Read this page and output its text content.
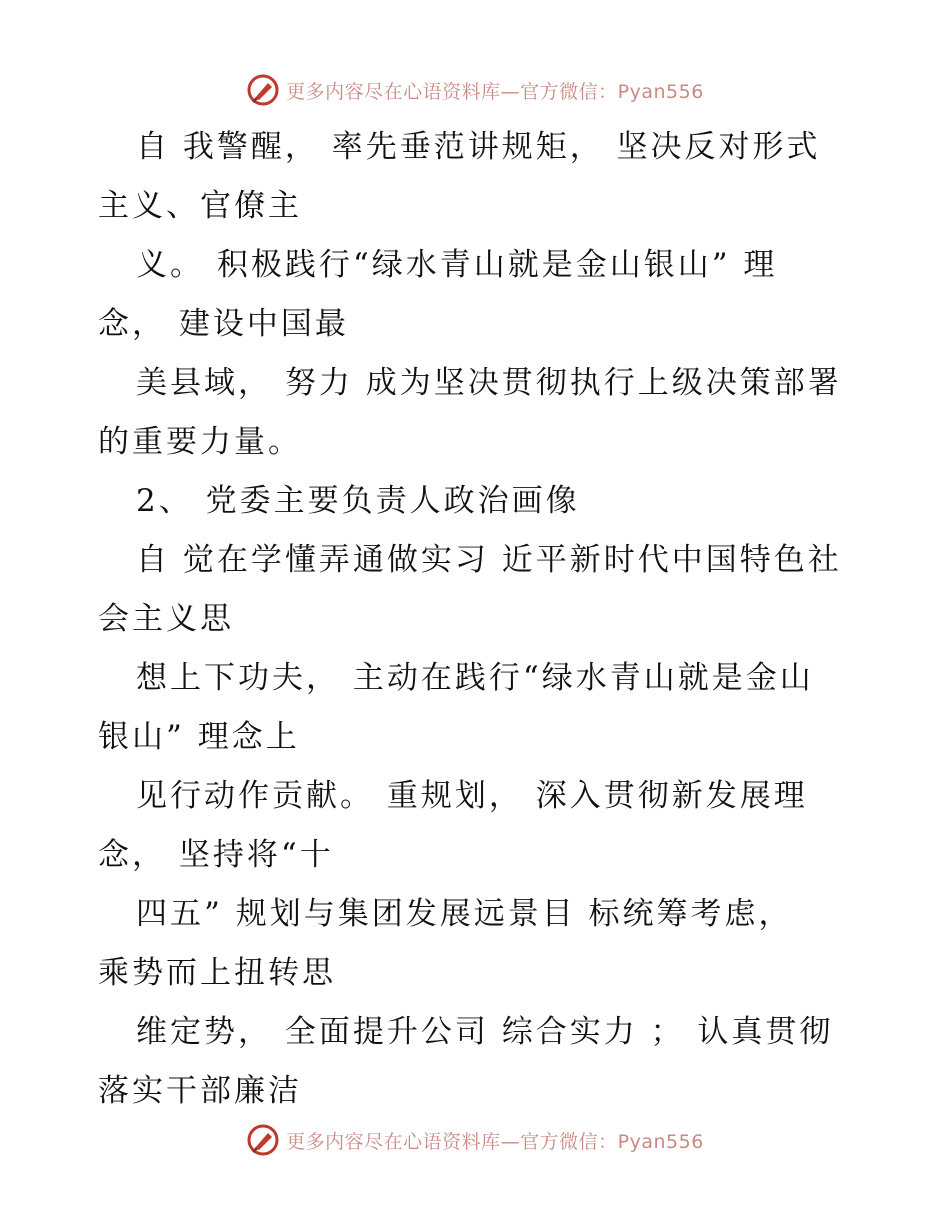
更多内容尽在心语资料库—官方微信：Pyan556
自 我警醒， 率先垂范讲规矩， 坚决反对形式
主义、官僚主
义。 积极践行“绿水青山就是金山银山” 理
念， 建设中国最
美县域， 努力 成为坚决贯彻执行上级决策部署
的重要力量。
2、 党委主要负责人政治画像
自 觉在学懂弄通做实习 近平新时代中国特色社
会主义思
想上下功夫， 主动在践行“绿水青山就是金山
银山” 理念上
见行动作贡献。 重规划， 深入贯彻新发展理
念， 坚持将“十
四五” 规划与集团发展远景目 标统筹考虑，
乘势而上扭转思
维定势， 全面提升公司 综合实力 ； 认真贯彻
落实干部廉洁
更多内容尽在心语资料库—官方微信：Pyan556
